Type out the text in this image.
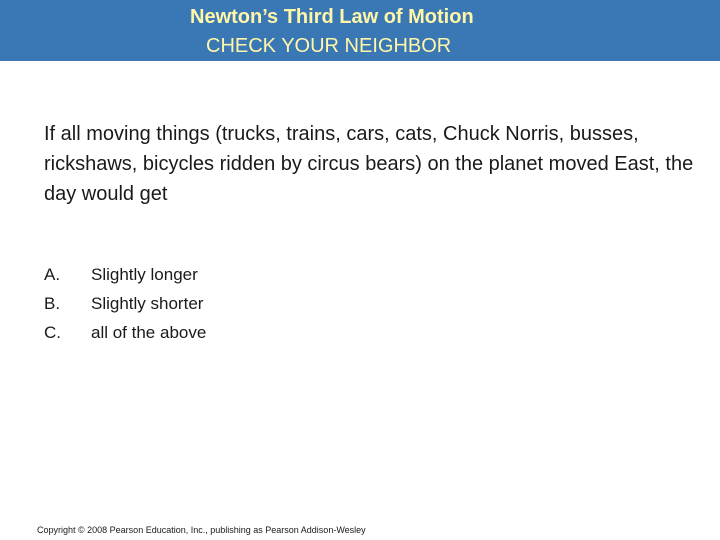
Newton’s Third Law of Motion
CHECK YOUR NEIGHBOR
If all moving things (trucks, trains, cars, cats, Chuck Norris, busses, rickshaws, bicycles ridden by circus bears) on the planet moved East, the day would get
A.	Slightly longer
B.	Slightly shorter
C.	all of the above
Copyright © 2008 Pearson Education, Inc., publishing as Pearson Addison-Wesley
